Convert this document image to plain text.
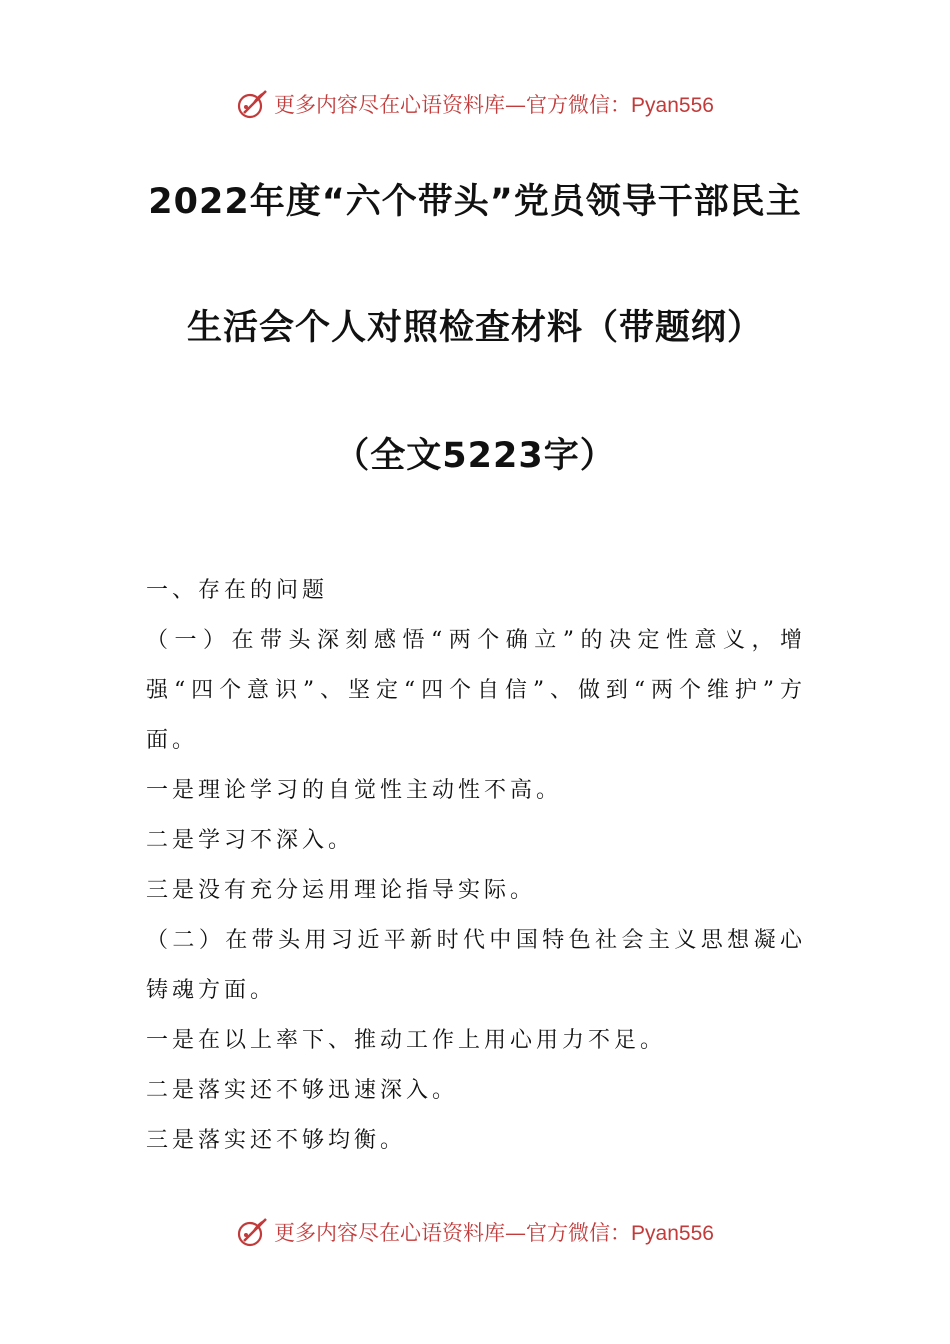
更多内容尽在心语资料库—官方微信：Pyan556
2022年度“六个带头”党员领导干部民主
生活会个人对照检查材料（带题纲）
（全文5223字）

一、存在的问题

（一）在带头深刻感悟“两个确立”的决定性意义，增强“四个意识”、坚定“四个自信”、做到“两个维护”方面。

一是理论学习的自觉性主动性不高。

二是学习不深入。

三是没有充分运用理论指导实际。

（二）在带头用习近平新时代中国特色社会主义思想凝心铸魂方面。

一是在以上率下、推动工作上用心用力不足。

二是落实还不够迅速深入。

三是落实还不够均衡。

更多内容尽在心语资料库—官方微信：Pyan556
